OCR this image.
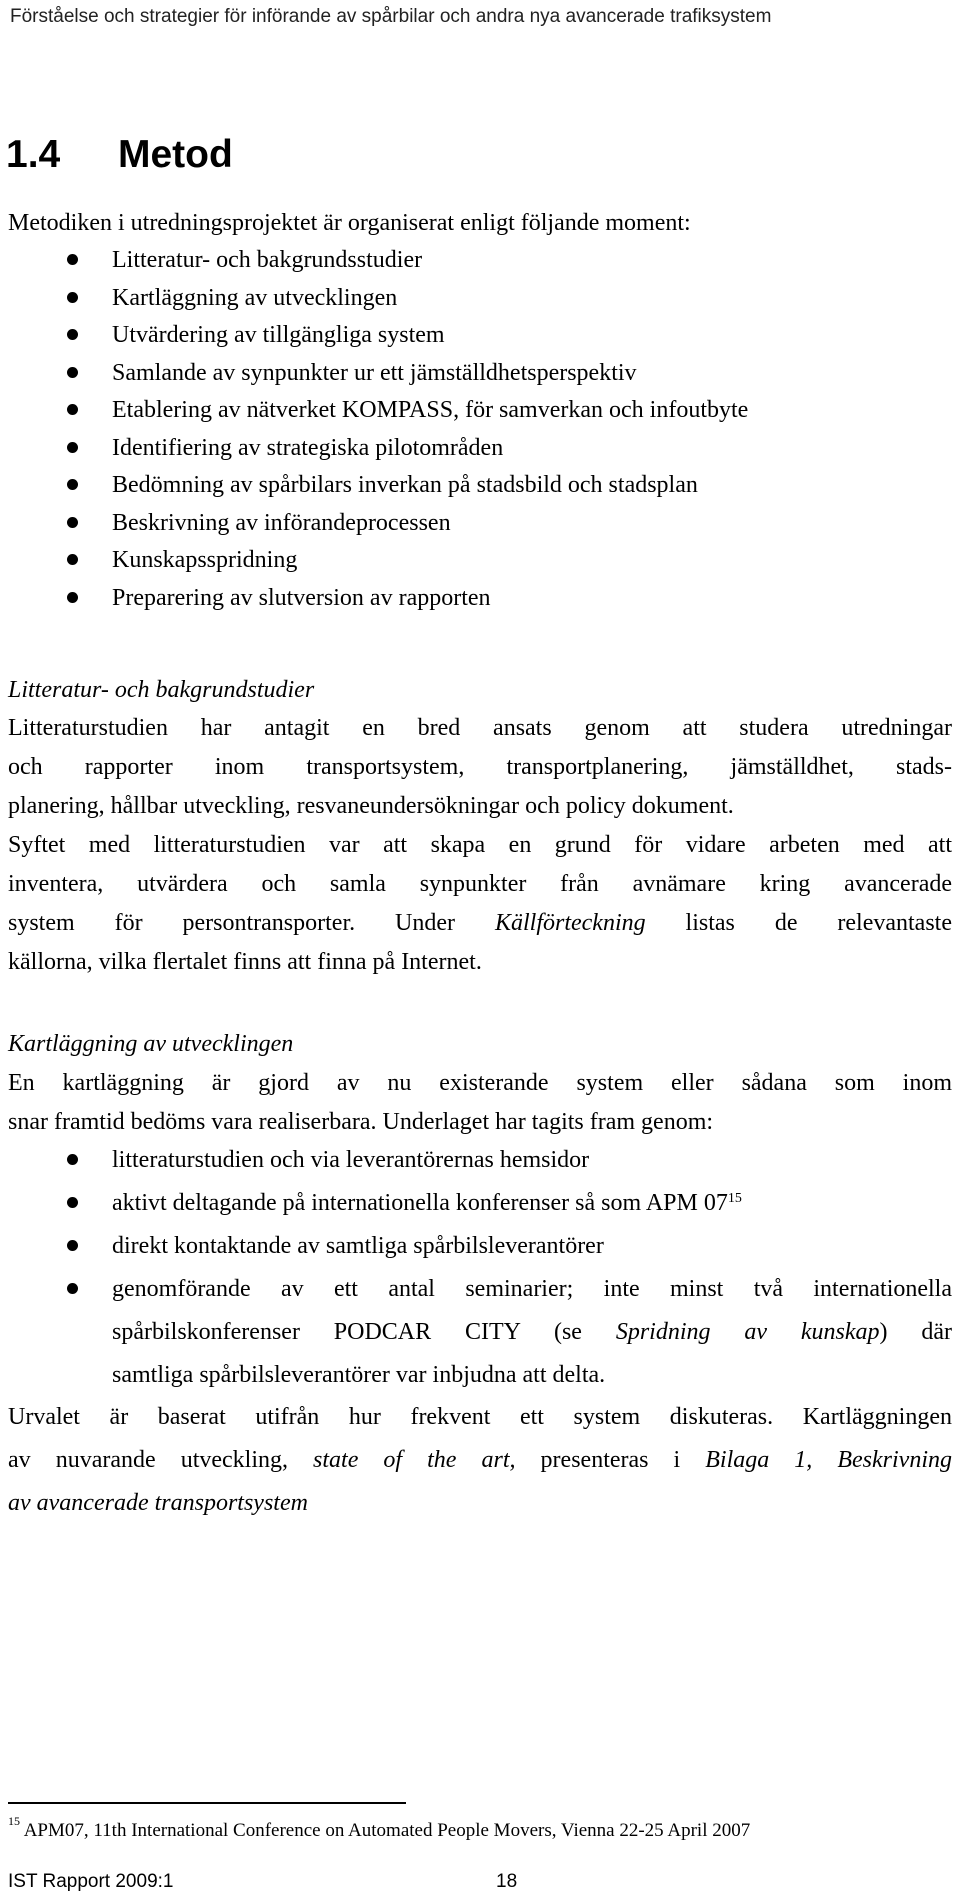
Förståelse och strategier för införande av spårbilar och andra nya avancerade trafiksystem
1.4 Metod
Metodiken i utredningsprojektet är organiserat enligt följande moment:
Litteratur- och bakgrundsstudier
Kartläggning av utvecklingen
Utvärdering av tillgängliga system
Samlande av synpunkter ur ett jämställdhetsperspektiv
Etablering av nätverket KOMPASS, för samverkan och infoutbyte
Identifiering av strategiska pilotområden
Bedömning av spårbilars inverkan på stadsbild och stadsplan
Beskrivning av införandeprocessen
Kunskapsspridning
Preparering av slutversion av rapporten
Litteratur- och bakgrundstudier
Litteraturstudien har antagit en bred ansats genom att studera utredningar
och rapporter inom transportsystem, transportplanering, jämställdhet, stads-
planering, hållbar utveckling, resvaneundersökningar och policy dokument.
Syftet med litteraturstudien var att skapa en grund för vidare arbeten med att
inventera, utvärdera och samla synpunkter från avnämare kring avancerade
system för persontransporter. Under Källförteckning listas de relevantaste
källorna, vilka flertalet finns att finna på Internet.
Kartläggning av utvecklingen
En kartläggning är gjord av nu existerande system eller sådana som inom
snar framtid bedöms vara realiserbara. Underlaget har tagits fram genom:
litteraturstudien och via leverantörernas hemsidor
aktivt deltagande på internationella konferenser så som APM $07^{15}$
direkt kontaktande av samtliga spårbilsleverantörer
genomförande av ett antal seminarier; inte minst två internationella
spårbilskonferenser PODCAR CITY (se Spridning av kunskap) där
samtliga spårbilsleverantörer var inbjudna att delta.
Urvalet är baserat utifrån hur frekvent ett system diskuteras. Kartläggningen
av nuvarande utveckling, state of the art, presenteras i Bilaga 1, Beskrivning
av avancerade transportsystem
$^{15}$ APM07, 11th International Conference on Automated People Movers, Vienna 22-25 April 2007
IST Rapport 2009:1	18
